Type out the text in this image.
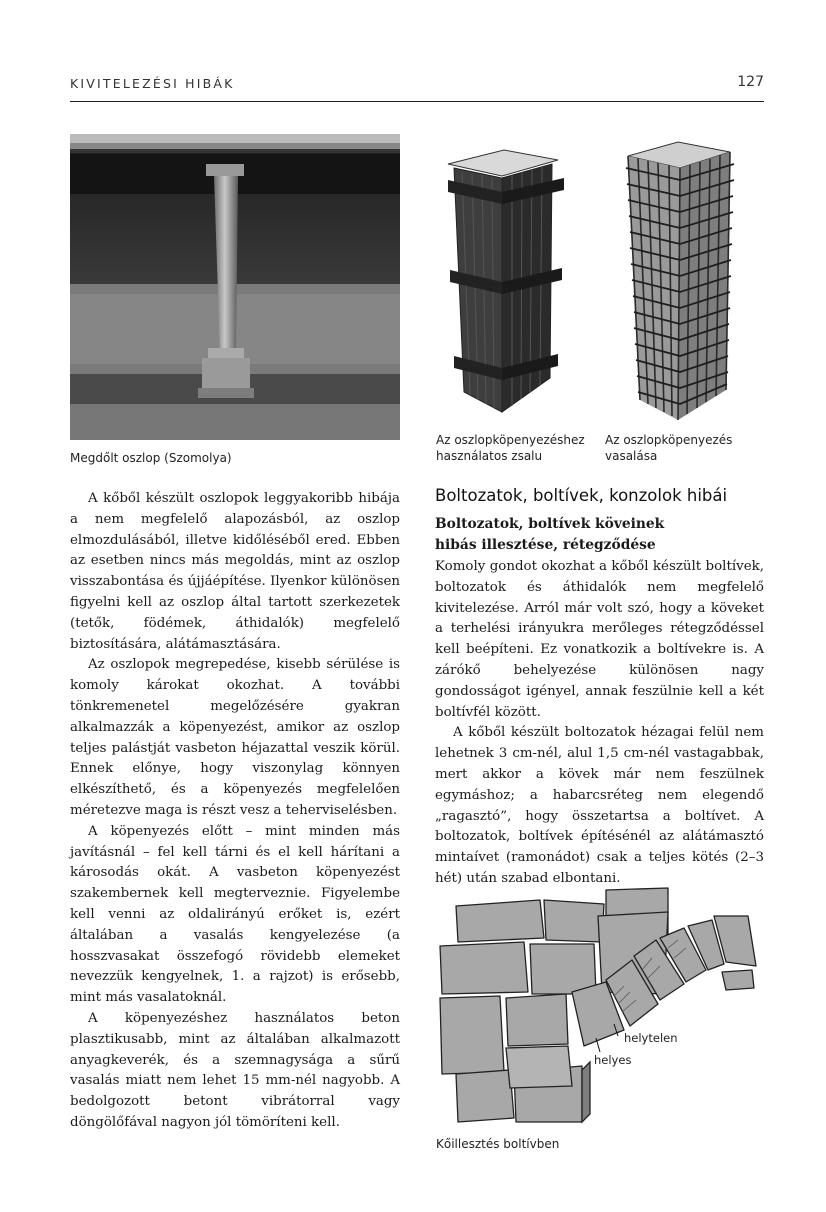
KIVITELEZÉSI HIBÁK	127
Megdőlt oszlop (Szomolya)
Az oszlopköpenyezéshez használatos zsalu
Az oszlopköpenyezés vasalása

A kőből készült oszlopok leggyakoribb hibája a nem megfelelő alapozásból, az oszlop elmozdulásából, illetve kidőléséből ered. Ebben az esetben nincs más megoldás, mint az oszlop visszabontása és újjáépítése. Ilyenkor különösen figyelni kell az oszlop által tartott szerkezetek (tetők, födémek, áthidalók) megfelelő biztosítására, alátámasztására.

Az oszlopok megrepedése, kisebb sérülése is komoly károkat okozhat. A további tönkremenetel megelőzésére gyakran alkalmazzák a köpenyezést, amikor az oszlop teljes palástját vasbeton héjazattal veszik körül. Ennek előnye, hogy viszonylag könnyen elkészíthető, és a köpenyezés megfelelően méretezve maga is részt vesz a teherviselésben.

A köpenyezés előtt – mint minden más javításnál – fel kell tárni és el kell hárítani a károsodás okát. A vasbeton köpenyezést szakembernek kell megterveznie. Figyelembe kell venni az oldalirányú erőket is, ezért általában a vasalás kengyelezése (a hosszvasakat összefogó rövidebb elemeket nevezzük kengyelnek, 1. a rajzot) is erősebb, mint más vasalatoknál.

A köpenyezéshez használatos beton plasztikusabb, mint az általában alkalmazott anyagkeverék, és a szemnagysága a sűrű vasalás miatt nem lehet 15 mm-nél nagyobb. A bedolgozott betont vibrátorral vagy döngölőfával nagyon jól tömöríteni kell.

Boltozatok, boltívek, konzolok hibái
Boltozatok, boltívek köveinek
hibás illesztése, rétegződése

Komoly gondot okozhat a kőből készült boltívek, boltozatok és áthidalók nem megfelelő kivitelezése. Arról már volt szó, hogy a köveket a terhelési irányukra merőleges rétegződéssel kell beépíteni. Ez vonatkozik a boltívekre is. A zárókő behelyezése különösen nagy gondosságot igényel, annak feszülnie kell a két boltívfél között.

A kőből készült boltozatok hézagai felül nem lehetnek 3 cm-nél, alul 1,5 cm-nél vastagabbak, mert akkor a kövek már nem feszülnek egymáshoz; a habarcsréteg nem elegendő „ragasztó”, hogy összetartsa a boltívet. A boltozatok, boltívek építésénél az alátámasztó mintaívet (ramonádot) csak a teljes kötés (2–3 hét) után szabad elbontani.

helytelen
helyes
Kőillesztés boltívben
